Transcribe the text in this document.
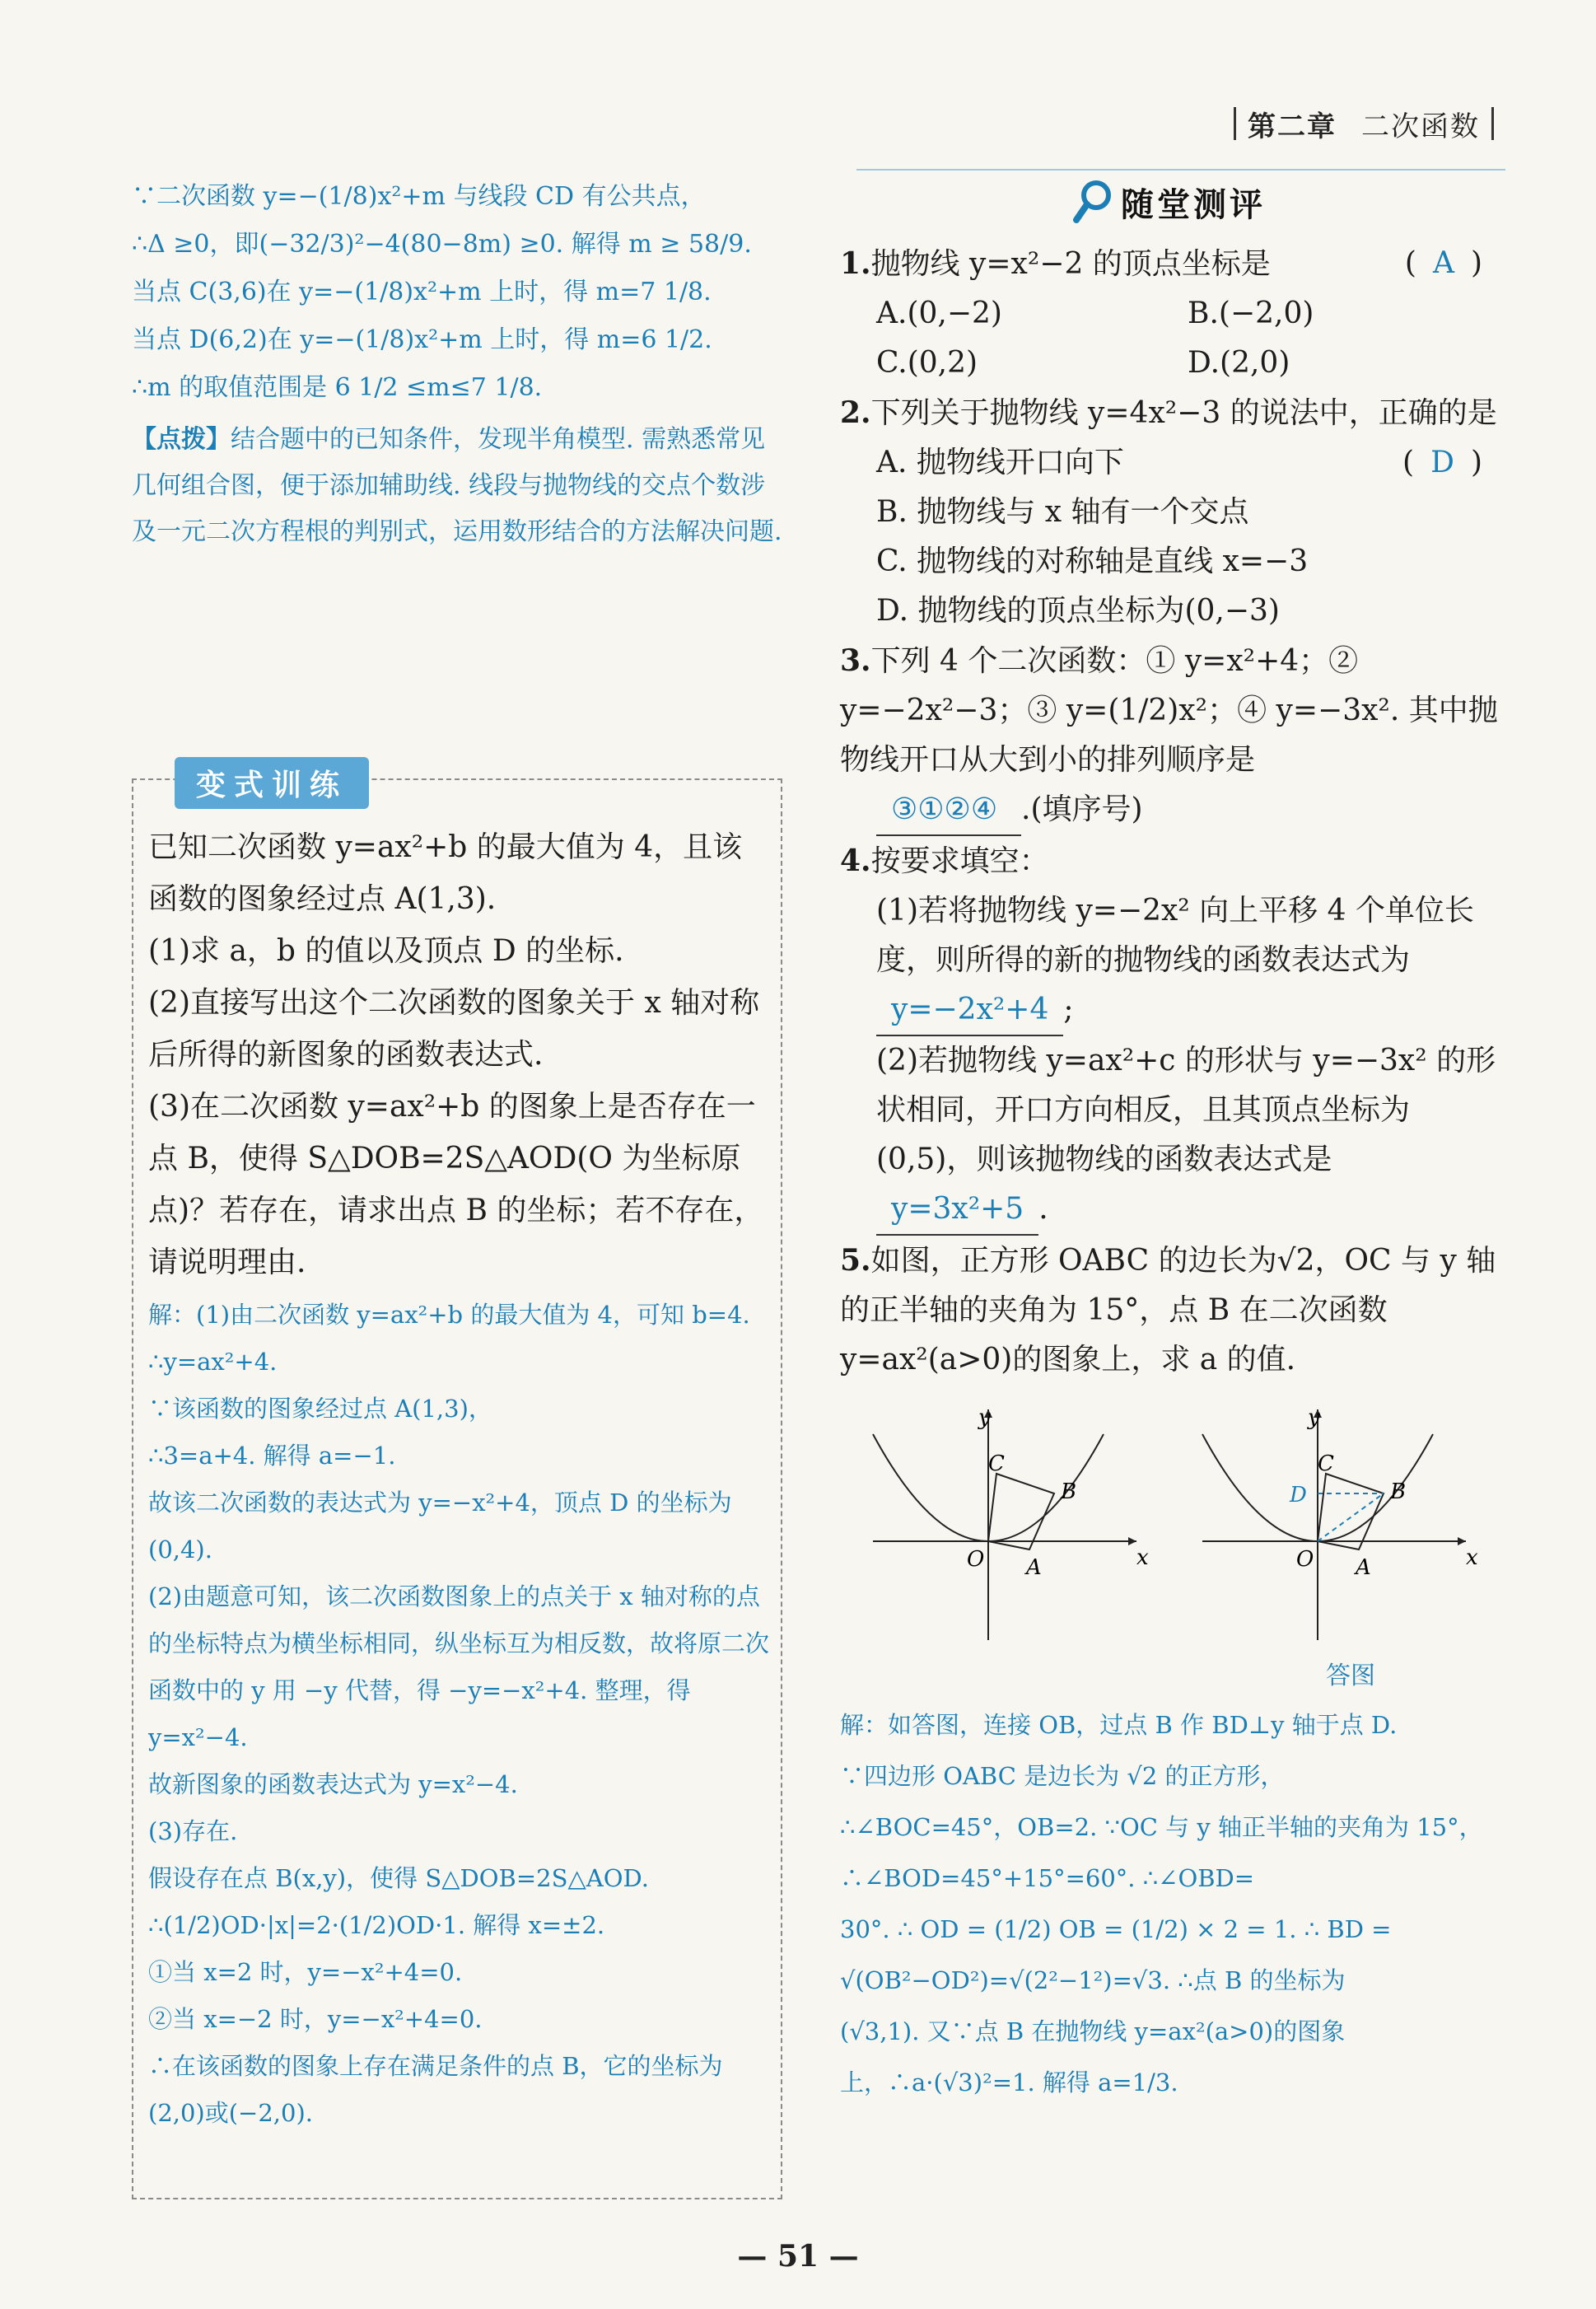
第二章 二次函数

∵二次函数 y=−(1/8)x²+m 与线段 CD 有公共点，

∴Δ ≥0，即(−32/3)²−4(80−8m) ≥0. 解得 m ≥ 58/9.

当点 C(3,6)在 y=−(1/8)x²+m 上时，得 m=7 1/8.

当点 D(6,2)在 y=−(1/8)x²+m 上时，得 m=6 1/2.

∴m 的取值范围是 6 1/2 ≤m≤7 1/8.

【点拨】结合题中的已知条件，发现半角模型. 需熟悉常见几何组合图，便于添加辅助线. 线段与抛物线的交点个数涉及一元二次方程根的判别式，运用数形结合的方法解决问题.
变式训练

已知二次函数 y=ax²+b 的最大值为 4，且该函数的图象经过点 A(1,3).

(1)求 a，b 的值以及顶点 D 的坐标.

(2)直接写出这个二次函数的图象关于 x 轴对称后所得的新图象的函数表达式.

(3)在二次函数 y=ax²+b 的图象上是否存在一点 B，使得 S△DOB=2S△AOD(O 为坐标原点)？若存在，请求出点 B 的坐标；若不存在，请说明理由.

解：(1)由二次函数 y=ax²+b 的最大值为 4，可知 b=4. ∴y=ax²+4.

∵该函数的图象经过点 A(1,3)，

∴3=a+4. 解得 a=−1.

故该二次函数的表达式为 y=−x²+4，顶点 D 的坐标为(0,4).

(2)由题意可知，该二次函数图象上的点关于 x 轴对称的点的坐标特点为横坐标相同，纵坐标互为相反数，故将原二次函数中的 y 用 −y 代替，得 −y=−x²+4. 整理，得 y=x²−4.

故新图象的函数表达式为 y=x²−4.

(3)存在.

假设存在点 B(x,y)，使得 S△DOB=2S△AOD.

∴(1/2)OD·|x|=2·(1/2)OD·1. 解得 x=±2.

①当 x=2 时，y=−x²+4=0.

②当 x=−2 时，y=−x²+4=0.

∴在该函数的图象上存在满足条件的点 B，它的坐标为(2,0)或(−2,0).

随堂测评

1.抛物线 y=x²−2 的顶点坐标是	(A)

A.(0,−2)	B.(−2,0)
C.(0,2)	D.(2,0)

2.下列关于抛物线 y=4x²−3 的说法中，正确的是
(D)

A. 抛物线开口向下

B. 抛物线与 x 轴有一个交点

C. 抛物线的对称轴是直线 x=−3

D. 抛物线的顶点坐标为(0,−3)

3.下列 4 个二次函数：① y=x²+4；② y=−2x²−3；③ y=(1/2)x²；④ y=−3x². 其中抛物线开口从大到小的排列顺序是

③①②④ .(填序号)

4.按要求填空：

(1)若将抛物线 y=−2x² 向上平移 4 个单位长度，则所得的新的抛物线的函数表达式为y=−2x²+4 ;

(2)若抛物线 y=ax²+c 的形状与 y=−3x² 的形状相同，开口方向相反，且其顶点坐标为(0,5)，则该抛物线的函数表达式是

y=3x²+5 .

5.如图，正方形 OABC 的边长为√2，OC 与 y 轴的正半轴的夹角为 15°，点 B 在二次函数 y=ax²(a>0)的图象上，求 a 的值.

y
x
O A
B
C
y
x
O A
B
C
D
答图

解：如答图，连接 OB，过点 B 作 BD⊥y 轴于点 D.

∵四边形 OABC 是边长为 √2 的正方形，

∴∠BOC=45°，OB=2. ∵OC 与 y 轴正半轴的夹角为 15°，∴∠BOD=45°+15°=60°. ∴∠OBD=

30°. ∴ OD = (1/2) OB = (1/2) × 2 = 1. ∴ BD =

√(OB²−OD²)=√(2²−1²)=√3. ∴点 B 的坐标为

(√3,1). 又∵点 B 在抛物线 y=ax²(a>0)的图象

上，∴a·(√3)²=1. 解得 a=1/3.

— 51 —
